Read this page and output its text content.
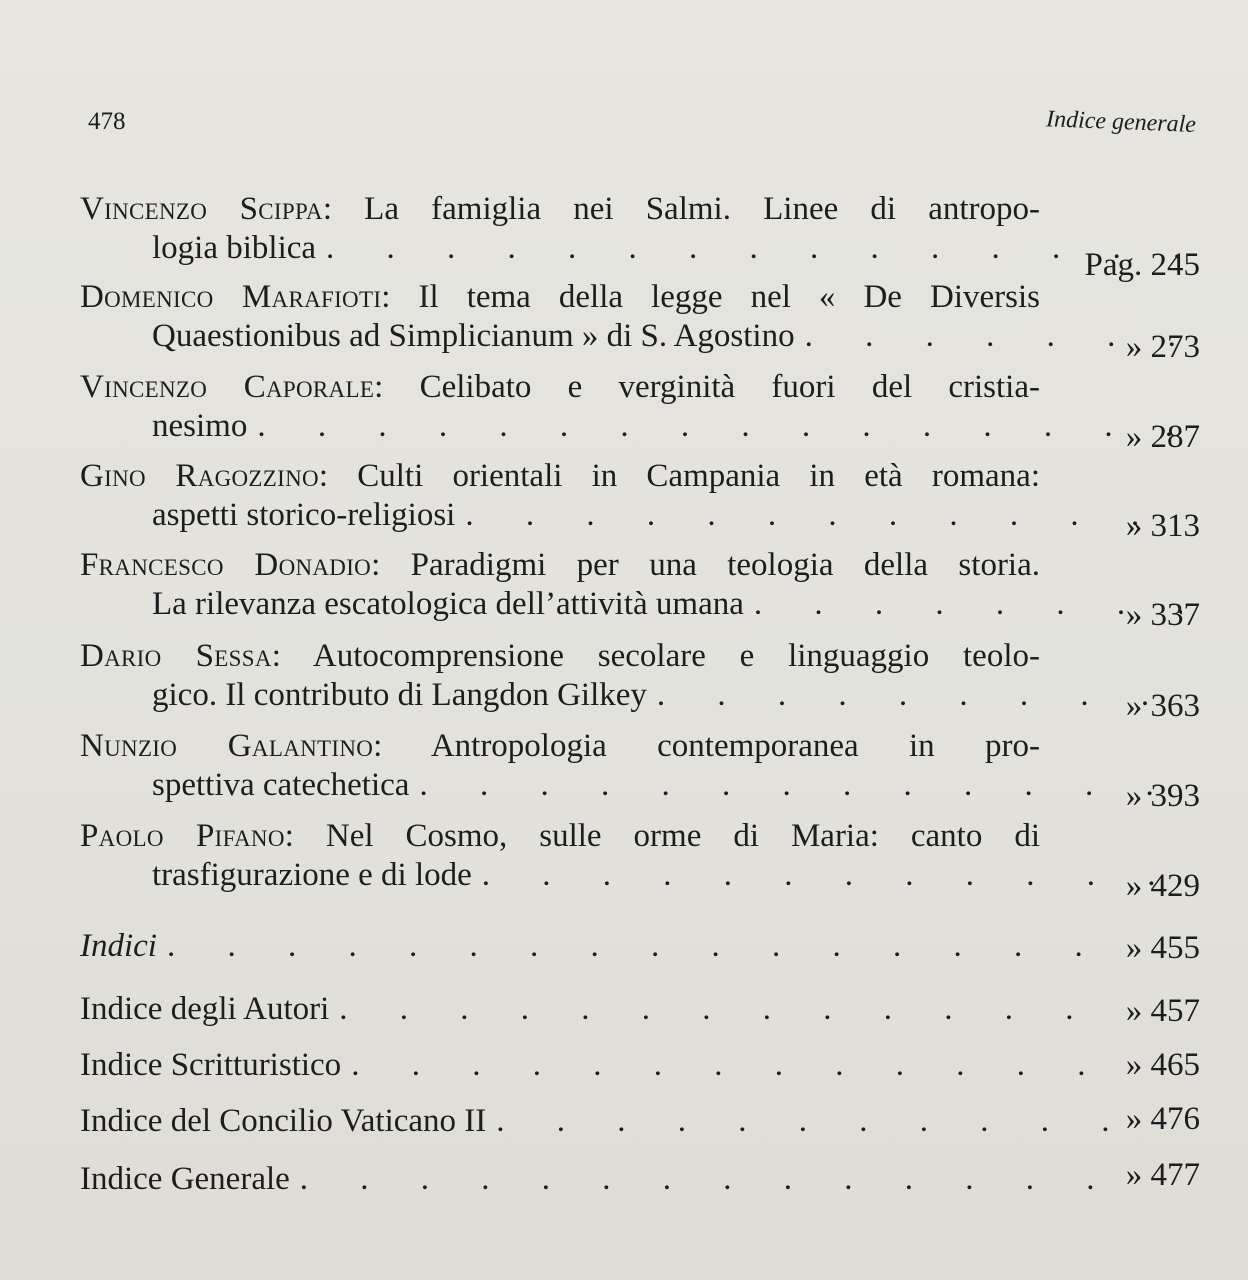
478	Indice generale
Vincenzo Scippa: La famiglia nei Salmi. Linee di antropo-
logia biblica . . .	Pag. 245
Domenico Marafioti: Il tema della legge nel « De Diversis
Quaestionibus ad Simplicianum » di S. Agostino . . .	» 273
Vincenzo Caporale: Celibato e verginità fuori del cristia-
nesimo . . .	» 287
Gino Ragozzino: Culti orientali in Campania in età romana:
aspetti storico-religiosi . . .	» 313
Francesco Donadio: Paradigmi per una teologia della storia.
La rilevanza escatologica dell’attività umana . . .	» 337
Dario Sessa: Autocomprensione secolare e linguaggio teolo-
gico. Il contributo di Langdon Gilkey . . .	» 363
Nunzio Galantino: Antropologia contemporanea in pro-
spettiva catechetica . . .	» 393
Paolo Pifano: Nel Cosmo, sulle orme di Maria: canto di
trasfigurazione e di lode . . .	» 429
Indici . . .	» 455
Indice degli Autori . . .	» 457
Indice Scritturistico . . .	» 465
Indice del Concilio Vaticano II . . .	» 476
Indice Generale . . .	» 477
